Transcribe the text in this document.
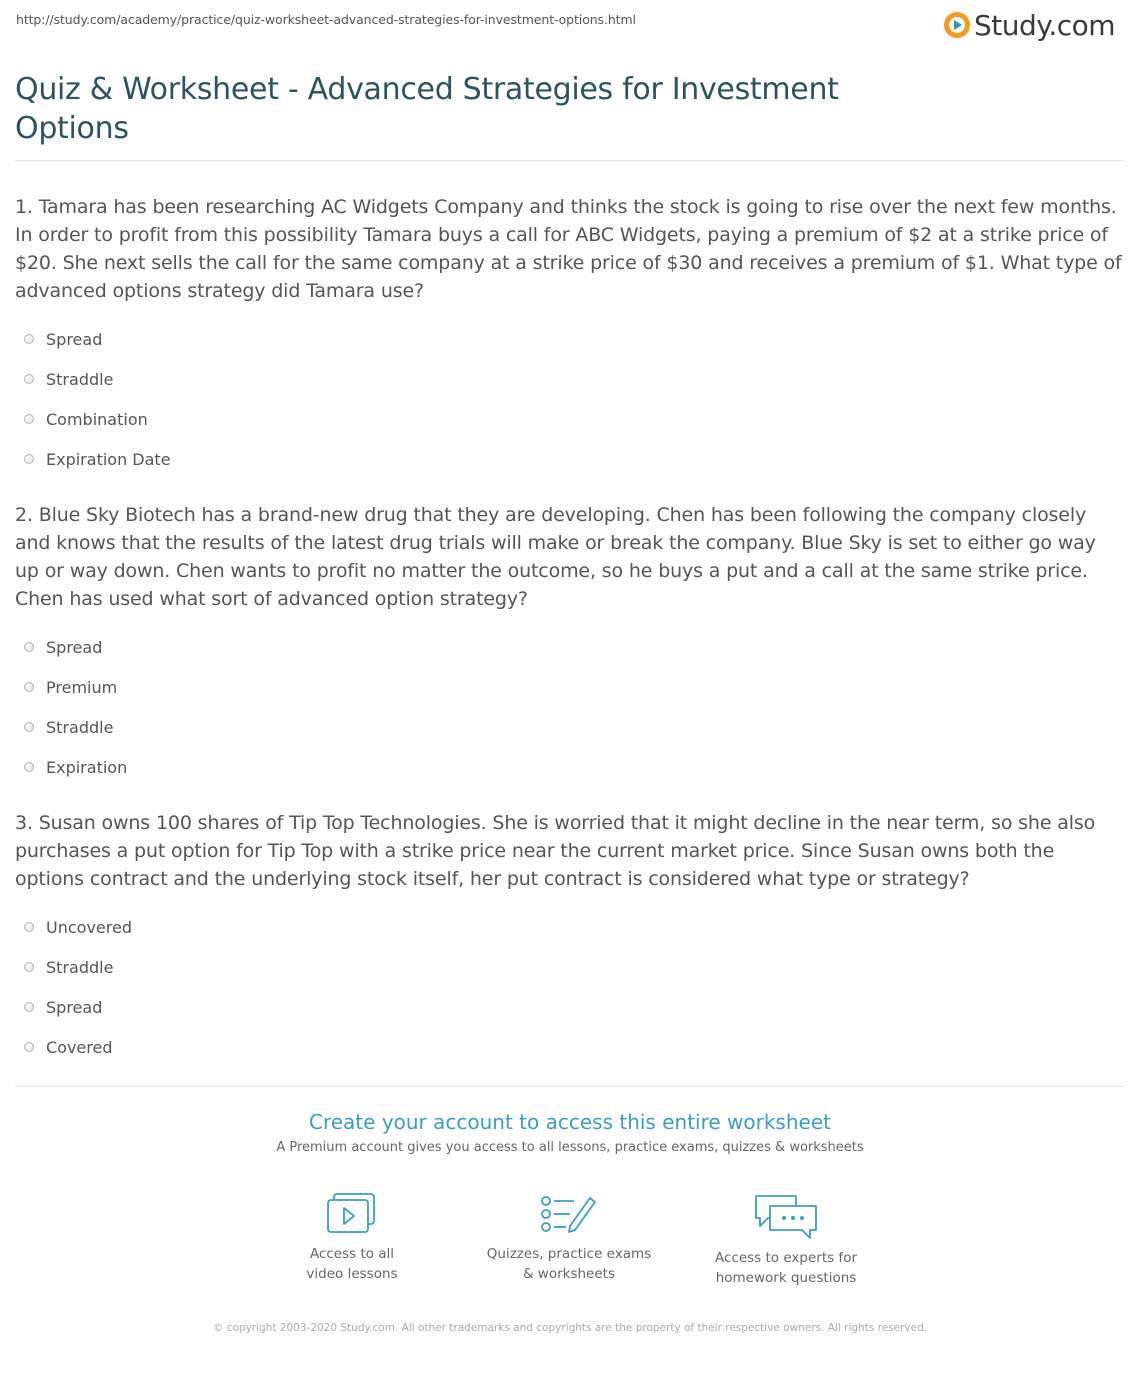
http://study.com/academy/practice/quiz-worksheet-advanced-strategies-for-investment-options.html	Study.com
Quiz & Worksheet - Advanced Strategies for Investment Options

1. Tamara has been researching AC Widgets Company and thinks the stock is going to rise over the next few months. In order to profit from this possibility Tamara buys a call for ABC Widgets, paying a premium of $2 at a strike price of $20. She next sells the call for the same company at a strike price of $30 and receives a premium of $1. What type of advanced options strategy did Tamara use?

Spread
Straddle
Combination
Expiration Date

2. Blue Sky Biotech has a brand-new drug that they are developing. Chen has been following the company closely and knows that the results of the latest drug trials will make or break the company. Blue Sky is set to either go way up or way down. Chen wants to profit no matter the outcome, so he buys a put and a call at the same strike price. Chen has used what sort of advanced option strategy?

Spread
Premium
Straddle
Expiration

3. Susan owns 100 shares of Tip Top Technologies. She is worried that it might decline in the near term, so she also purchases a put option for Tip Top with a strike price near the current market price. Since Susan owns both the options contract and the underlying stock itself, her put contract is considered what type or strategy?

Uncovered
Straddle
Spread
Covered
Create your account to access this entire worksheet
A Premium account gives you access to all lessons, practice exams, quizzes & worksheets
Access to all
video lessons
Quizzes, practice exams
& worksheets
Access to experts for
homework questions
© copyright 2003-2020 Study.com. All other trademarks and copyrights are the property of their respective owners. All rights reserved.
